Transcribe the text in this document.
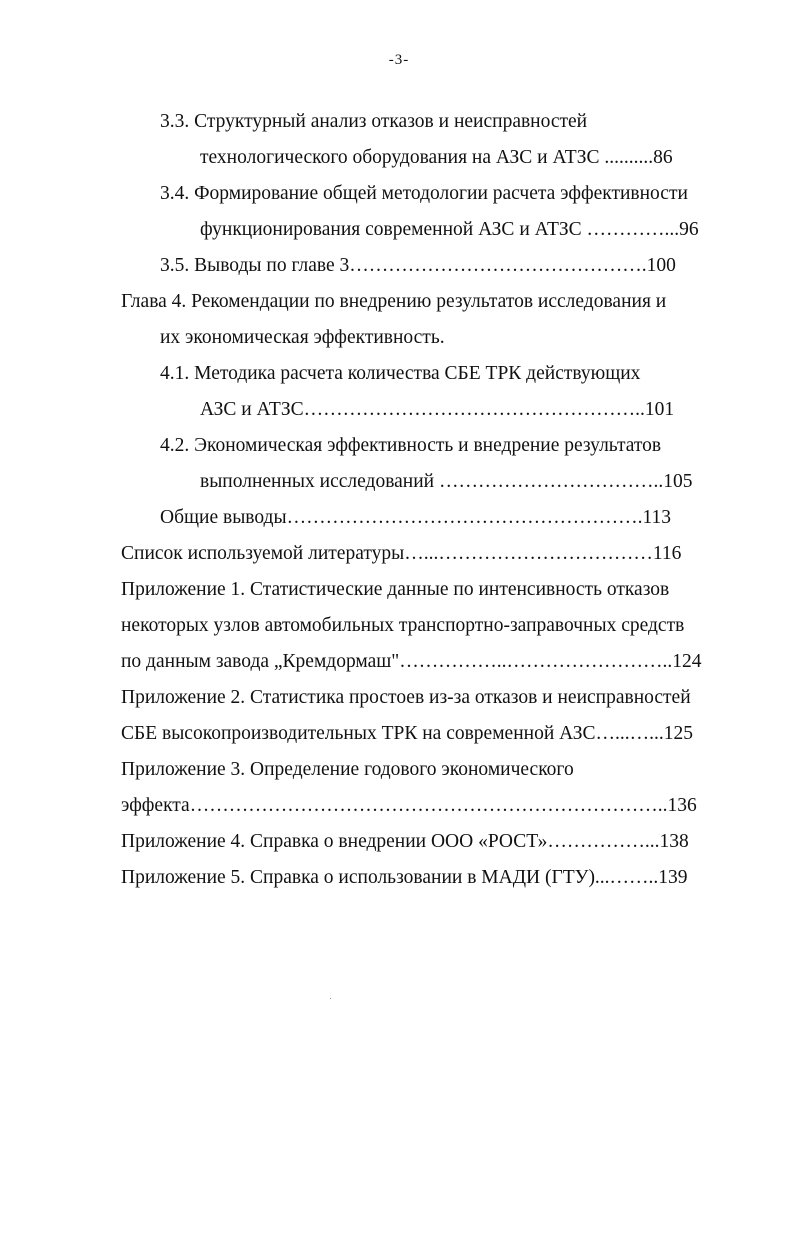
-3-
3.3. Структурный анализ отказов и неисправностей
технологического оборудования на АЗС и АТЗС ..........86
3.4. Формирование общей методологии расчета эффективности
функционирования современной АЗС и АТЗС …………...96
3.5. Выводы по главе 3……………………………………….100
Глава 4. Рекомендации по внедрению результатов исследования и
их экономическая эффективность.
4.1. Методика расчета количества СБЕ ТРК действующих
АЗС и АТЗС……………………………………………..101
4.2. Экономическая эффективность и внедрение результатов
выполненных исследований ……………………………..105
Общие выводы……………………………………………….113
Список используемой литературы…...……………………………116
Приложение 1. Статистические данные по интенсивность отказов
некоторых узлов автомобильных транспортно-заправочных средств
по данным завода „Кремдормаш"……………..……………………..124
Приложение 2. Статистика простоев из-за отказов и неисправностей
СБЕ высокопроизводительных ТРК на современной АЗС…...…...125
Приложение 3. Определение годового экономического
эффекта………………………………………………………………..136
Приложение 4. Справка о внедрении ООО «РОСТ»……………...138
Приложение 5. Справка о использовании в МАДИ (ГТУ)...……..139
